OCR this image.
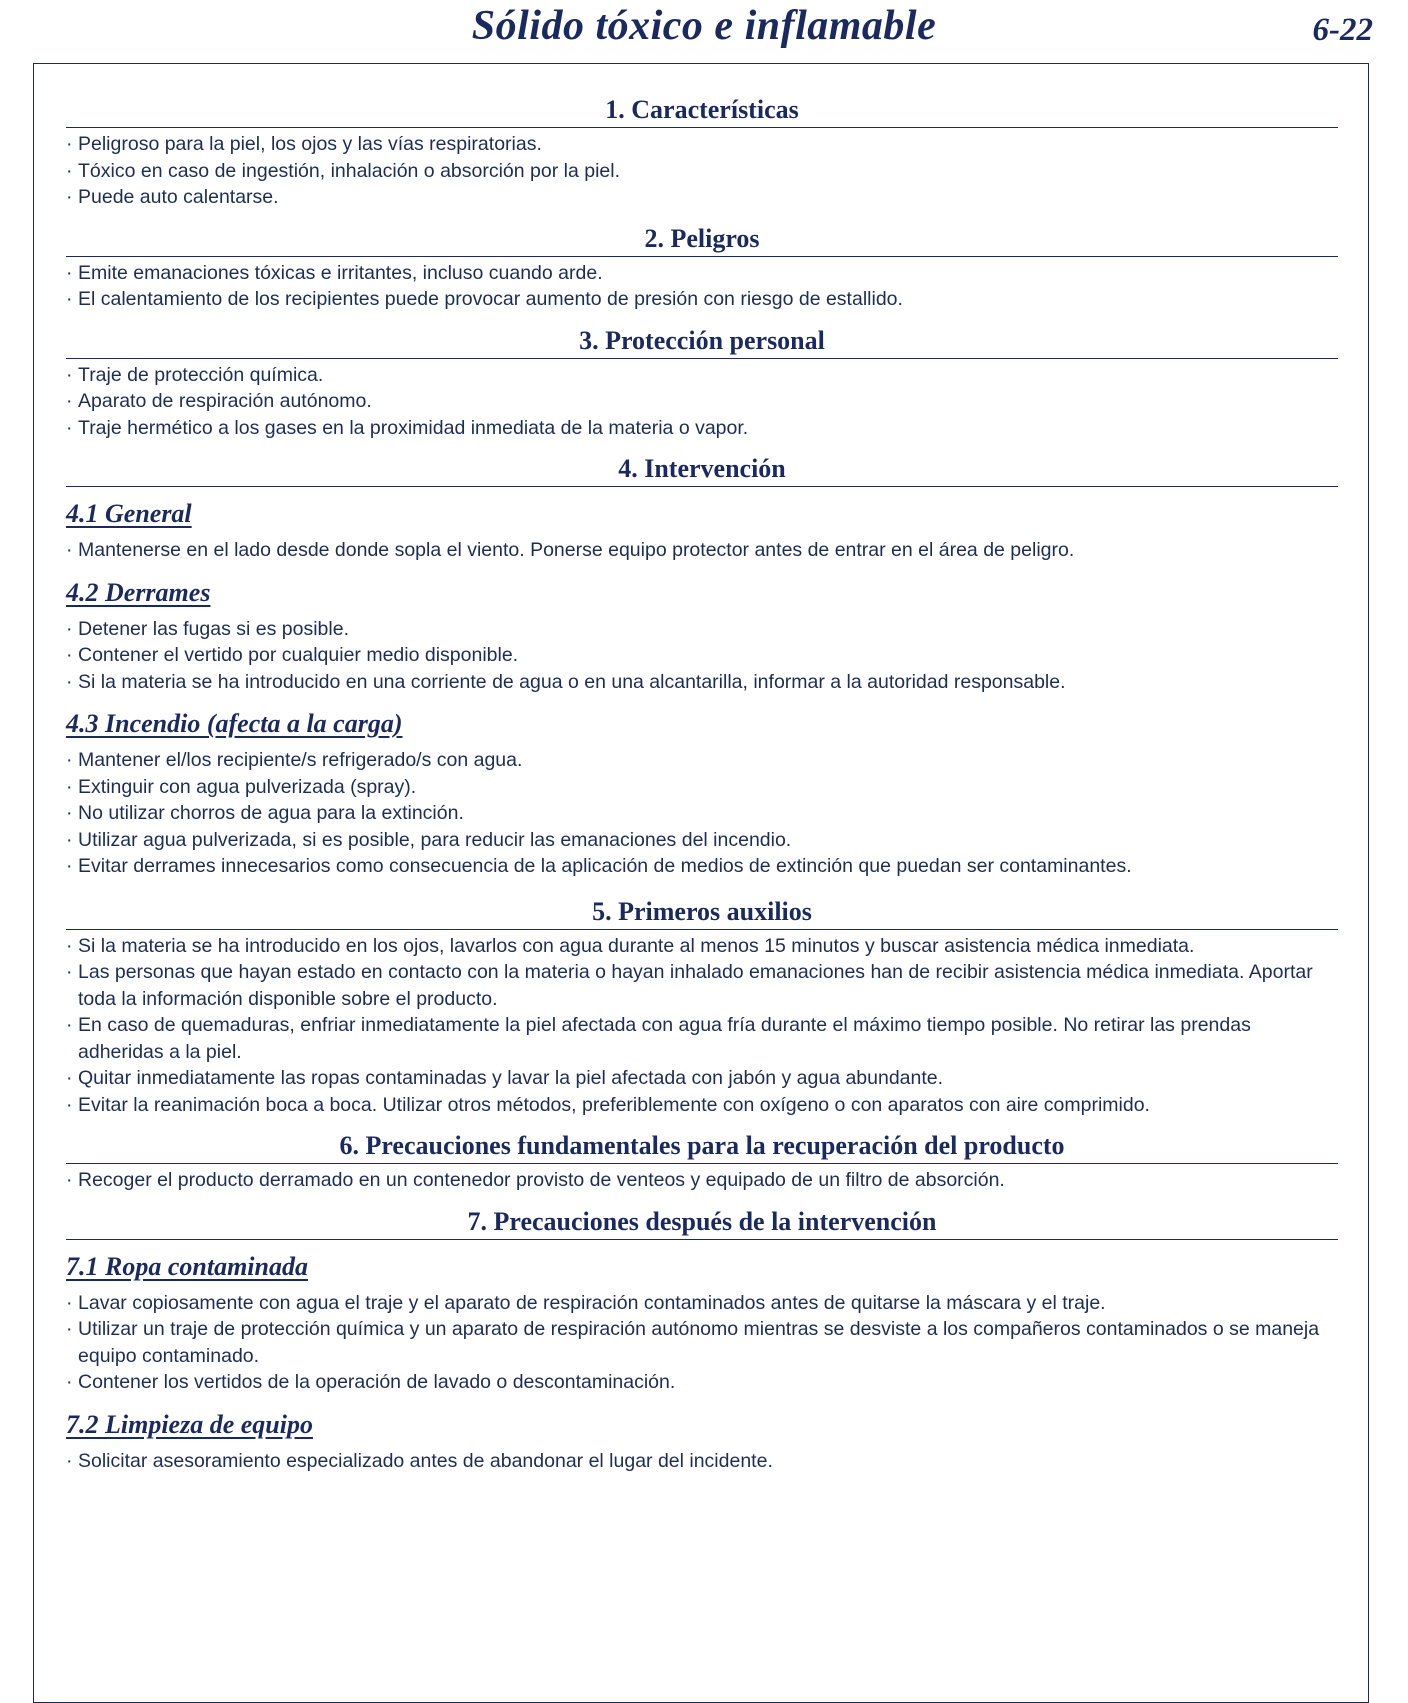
Sólido tóxico e inflamable	6-22
1. Características
· Peligroso para la piel, los ojos y las vías respiratorias.
· Tóxico en caso de ingestión, inhalación o absorción por la piel.
· Puede auto calentarse.
2. Peligros
· Emite emanaciones tóxicas e irritantes, incluso cuando arde.
· El calentamiento de los recipientes puede provocar aumento de presión con riesgo de estallido.
3. Protección personal
· Traje de protección química.
· Aparato de respiración autónomo.
· Traje hermético a los gases en la proximidad inmediata de la materia o vapor.
4. Intervención
4.1 General
· Mantenerse en el lado desde donde sopla el viento. Ponerse equipo protector antes de entrar en el área de peligro.
4.2 Derrames
· Detener las fugas si es posible.
· Contener el vertido por cualquier medio disponible.
· Si la materia se ha introducido en una corriente de agua o en una alcantarilla, informar a la autoridad responsable.
4.3 Incendio (afecta a la carga)
· Mantener el/los recipiente/s refrigerado/s con agua.
· Extinguir con agua pulverizada (spray).
· No utilizar chorros de agua para la extinción.
· Utilizar agua pulverizada, si es posible, para reducir las emanaciones del incendio.
· Evitar derrames innecesarios como consecuencia de la aplicación de medios de extinción que puedan ser contaminantes.
5. Primeros auxilios
· Si la materia se ha introducido en los ojos, lavarlos con agua durante al menos 15 minutos y buscar asistencia médica inmediata.
· Las personas que hayan estado en contacto con la materia o hayan inhalado emanaciones han de recibir asistencia médica inmediata. Aportar toda la información disponible sobre el producto.
· En caso de quemaduras, enfriar inmediatamente la piel afectada con agua fría durante el máximo tiempo posible. No retirar las prendas adheridas a la piel.
· Quitar inmediatamente las ropas contaminadas y lavar la piel afectada con jabón y agua abundante.
· Evitar la reanimación boca a boca. Utilizar otros métodos, preferiblemente con oxígeno o con aparatos con aire comprimido.
6. Precauciones fundamentales para la recuperación del producto
· Recoger el producto derramado en un contenedor provisto de venteos y equipado de un filtro de absorción.
7. Precauciones después de la intervención
7.1 Ropa contaminada
· Lavar copiosamente con agua el traje y el aparato de respiración contaminados antes de quitarse la máscara y el traje.
· Utilizar un traje de protección química y un aparato de respiración autónomo mientras se desviste a los compañeros contaminados o se maneja equipo contaminado.
· Contener los vertidos de la operación de lavado o descontaminación.
7.2 Limpieza de equipo
· Solicitar asesoramiento especializado antes de abandonar el lugar del incidente.
